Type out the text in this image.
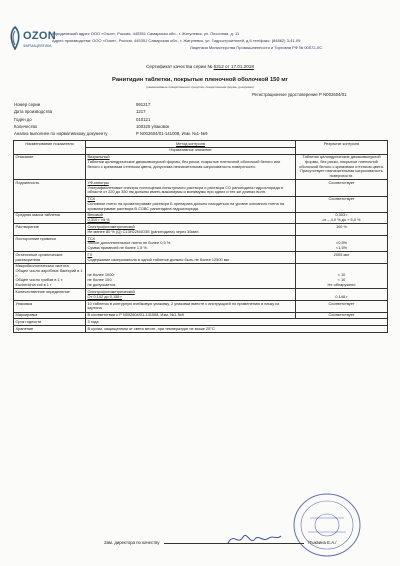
OZON
ФАРМАЦЕВТИКА
Юридический адрес ООО «Озон», Россия, 445351 Самарская обл., г. Жигулевск, ул. Песочная, д. 11
Адрес производства: ООО «Озон», Россия, 445351 Самарская обл., г. Жигулевск, ул. Гидростроителей, д.6 тел/факс: (84862) 3-41-09
Лицензия Министерства Промышленности и Торговли РФ № 00072-ЛС
Сертификат качества серии № 6312 от 17.01.2018
Ранитидин таблетки, покрытые пленочной оболочкой 150 мг
(наименование лекарственного средства, лекарственная форма, дозировка)
Регистрационное удостоверение Р N002604/01
Номер серии	991217
Дата производства	1217
Годен до	010121
Количество	100325 упаковок
Анализ выполнен по нормативному документу	Р N002604/01-141008, Изм. №1-№9
Наименование показателя	Метод контроля	Результат контроля
	Нормативное значение	
Описание	Визуальный
Таблетки цилиндрические двояковыпуклой формы, без риски, покрытые пленочной оболочкой белого или белого с кремовым оттенком цвета, допустима незначительная шероховатость поверхности.	Таблетки цилиндрические двояковыпуклой формы, без риски, покрытые пленочной оболочкой белого с кремовым оттенком цвета. Присутствует незначительная шероховатость поверхности.
Подлинность	УФ-спектры
Ультрафиолетовые спектры поглощения испытуемого раствора и раствора СО ранитидина гидрохлорида в области от 220 до 350 нм должны иметь максимумы и минимумы при одних и тех же длинах волн.	Соответствует

	ТСХ
Основное пятно на хроматограмме раствора Б препарата должно находиться на уровне основного пятна на хроматограмме раствора В СОВС ранитидина гидрохлорида.	Соответствует
Средняя масса таблеток	Весовой
0,310 г ±5 %	0,303 г
от – 4,0 % до + 5,0 %

Растворение	Спектрофотометрический
Не менее 80 % (Q) C13H22N4O3S (ранитидина) через 30мин.	100 %
Посторонние примеси	ТСХ
Любое дополнительное пятно не более 0,5 %.
Сумма примесей не более 1,5 %.	<0,5%
<1,5%

Остаточные органические растворители	ГХ
Содержание изопропанола в одной таблетке должно быть не более 12500 мкг	2005 мкг

Микробиологическая чистота
Общее число аэробных бактерий в 1 г:
Общее число грибов в 1 г:
Escherichia coli в 1 г	не более 1000;
не более 100;
не допускается.	< 10
< 10
Не обнаружено

Количественное определение	Спектрофотометрический
От 0,142 до 0,158 г	0,148 г
Упаковка	10 таблеток в контурную ячейковую упаковку, 2 упаковки вместе с инструкцией по применению в пачку из картона	Соответствует
Маркировка	В соответствии с Р N002604/01-141008, Изм. №1-№9	Соответствует
Срок годности	3 года	
Хранение	В сухом, защищенном от света месте, при температуре не выше 25°С	
Зам. директора по качеству	/Тыквина Е.А./
